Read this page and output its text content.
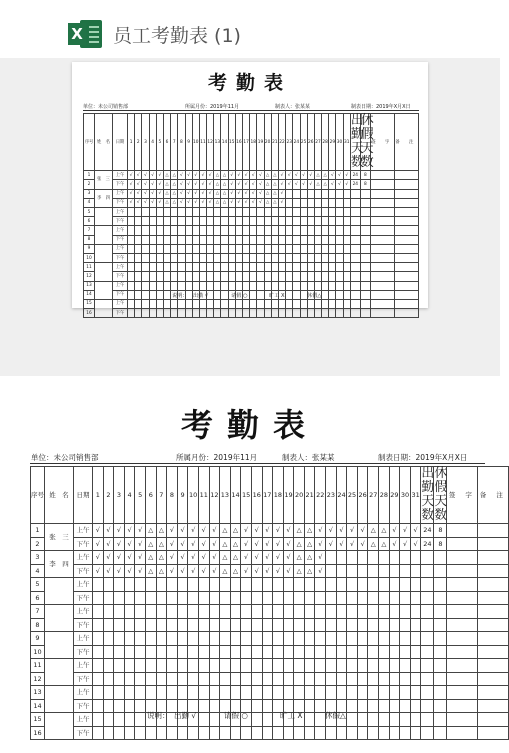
X 员工考勤表 (1)
考勤表
单位：未公司销售部	所属月份：2019年11月	制表人：张某某	制表日期：2019年X月X日
序号	姓　名	日期	1	2	3	4	5	6	7	8	9	10	11	12	13	14	15	16	17	18	19	20	21	22	23	24	25	26	27	28	29	30	31	出勤天数	休假天数	签 字	备 注
1	张　三	上午	√	√	√	√	√	△	△	√	√	√	√	√	△	△	√	√	√	√	√	△	△	√	√	√	√	√	△	△	√	√	√	24	8		
2		下午	√	√	√	√	√	△	△	√	√	√	√	√	△	△	√	√	√	√	√	△	△	√	√	√	√	√	△	△	√	√	√	24	8		
3	李　四	上午	√	√	√	√	√	△	△	√	√	√	√	√	△	△	√	√	√	√	√	△	△	√													
4		下午	√	√	√	√	√	△	△	√	√	√	√	√	△	△	√	√	√	√	√	△	△	√													
5		上午																																			
6		下午																																			
7		上午																																			
8		下午																																			
9		上午																																			
10		下午																																			
11		上午																																			
12		下午																																			
13		上午																																			
14		下午																																			
15		上午																																			
16		下午																																			
说明： 出勤 √	请假 ○	旷工 X	休假△
考勤表
单位：未公司销售部	所属月份：2019年11月	制表人：张某某	制表日期：2019年X月X日
序号	姓　名	日期	1	2	3	4	5	6	7	8	9	10	11	12	13	14	15	16	17	18	19	20	21	22	23	24	25	26	27	28	29	30	31	出勤天数	休假天数	签 字	备 注
1	张　三	上午	√	√	√	√	√	△	△	√	√	√	√	√	△	△	√	√	√	√	√	△	△	√	√	√	√	√	△	△	√	√	√	24	8		
2		下午	√	√	√	√	√	△	△	√	√	√	√	√	△	△	√	√	√	√	√	△	△	√	√	√	√	√	△	△	√	√	√	24	8		
3	李　四	上午	√	√	√	√	√	△	△	√	√	√	√	√	△	△	√	√	√	√	√	△	△	√													
4		下午	√	√	√	√	√	△	△	√	√	√	√	√	△	△	√	√	√	√	√	△	△	√													
5		上午																																			
6		下午																																			
7		上午																																			
8		下午																																			
9		上午																																			
10		下午																																			
11		上午																																			
12		下午																																			
13		上午																																			
14		下午																																			
15		上午																																			
16		下午																																			
说明： 出勤 √	请假 ○	旷工 X	休假△
